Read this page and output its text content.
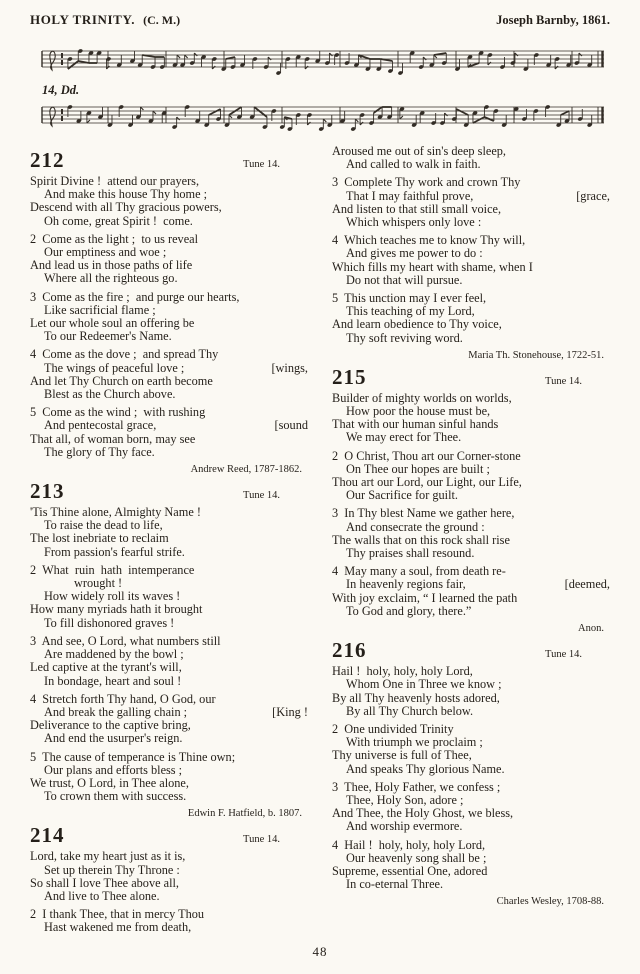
HOLY TRINITY. (C. M.)	Joseph Barnby, 1861.
14, Dd.
212	Tune 14.
Spirit Divine !  attend our prayers,
And make this house Thy home ;
Descend with all Thy gracious powers,
Oh come, great Spirit !  come.
2  Come as the light ;  to us reveal
Our emptiness and woe ;
And lead us in those paths of life
Where all the righteous go.
3  Come as the fire ;  and purge our hearts,
Like sacrificial flame ;
Let our whole soul an offering be
To our Redeemer's Name.
4  Come as the dove ;  and spread Thy
The wings of peaceful love ;	[wings,
And let Thy Church on earth become
Blest as the Church above.
5  Come as the wind ;  with rushing
And pentecostal grace,	[sound
That all, of woman born, may see
The glory of Thy face.
Andrew Reed, 1787-1862.
213	Tune 14.
'Tis Thine alone, Almighty Name !
To raise the dead to life,
The lost inebriate to reclaim
From passion's fearful strife.
2  What  ruin  hath  intemperance
wrought !
How widely roll its waves !
How many myriads hath it brought
To fill dishonored graves !
3  And see, O Lord, what numbers still
Are maddened by the bowl ;
Led captive at the tyrant's will,
In bondage, heart and soul !
4  Stretch forth Thy hand, O God, our
And break the galling chain ;	[King !
Deliverance to the captive bring,
And end the usurper's reign.
5  The cause of temperance is Thine own;
Our plans and efforts bless ;
We trust, O Lord, in Thee alone,
To crown them with success.
Edwin F. Hatfield, b. 1807.
214	Tune 14.
Lord, take my heart just as it is,
Set up therein Thy Throne :
So shall I love Thee above all,
And live to Thee alone.
2  I thank Thee, that in mercy Thou
Hast wakened me from death,
Aroused me out of sin's deep sleep,
And called to walk in faith.
3  Complete Thy work and crown Thy
That I may faithful prove,	[grace,
And listen to that still small voice,
Which whispers only love :
4  Which teaches me to know Thy will,
And gives me power to do :
Which fills my heart with shame, when I
Do not that will pursue.
5  This unction may I ever feel,
This teaching of my Lord,
And learn obedience to Thy voice,
Thy soft reviving word.
Maria Th. Stonehouse, 1722-51.
215	Tune 14.
Builder of mighty worlds on worlds,
How poor the house must be,
That with our human sinful hands
We may erect for Thee.
2  O Christ, Thou art our Corner-stone
On Thee our hopes are built ;
Thou art our Lord, our Light, our Life,
Our Sacrifice for guilt.
3  In Thy blest Name we gather here,
And consecrate the ground :
The walls that on this rock shall rise
Thy praises shall resound.
4  May many a soul, from death re-
In heavenly regions fair,	[deemed,
With joy exclaim, “ I learned the path
To God and glory, there.”
Anon.
216	Tune 14.
Hail !  holy, holy, holy Lord,
Whom One in Three we know ;
By all Thy heavenly hosts adored,
By all Thy Church below.
2  One undivided Trinity
With triumph we proclaim ;
Thy universe is full of Thee,
And speaks Thy glorious Name.
3  Thee, Holy Father, we confess ;
Thee, Holy Son, adore ;
And Thee, the Holy Ghost, we bless,
And worship evermore.
4  Hail !  holy, holy, holy Lord,
Our heavenly song shall be ;
Supreme, essential One, adored
In co-eternal Three.
Charles Wesley, 1708-88.
48
